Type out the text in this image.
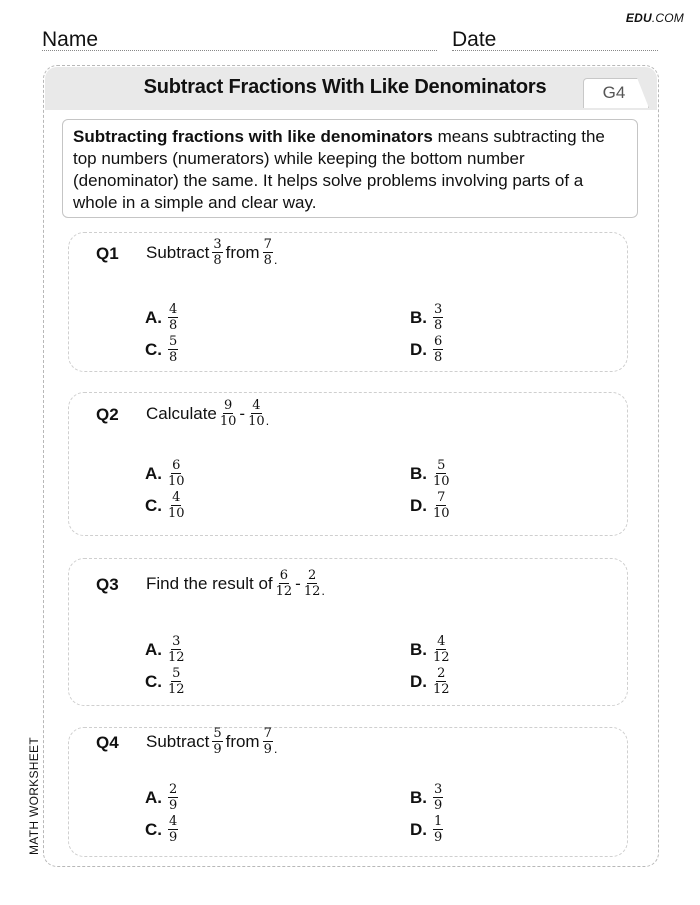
EDU.COM
Name	Date
Subtract Fractions With Like Denominators	G4
Subtracting fractions with like denominators means subtracting the top numbers (numerators) while keeping the bottom number (denominator) the same. It helps solve problems involving parts of a whole in a simple and clear way.
Q1 Subtract $\frac{3}{8}$ from $\frac{7}{8}$ .
A. $\frac{4}{8}$	B. $\frac{3}{8}$
C. $\frac{5}{8}$	D. $\frac{6}{8}$
Q2 Calculate $\frac{9}{10} - \frac{4}{10}$ .
A. $\frac{6}{10}$	B. $\frac{5}{10}$
C. $\frac{4}{10}$	D. $\frac{7}{10}$
Q3 Find the result of $\frac{6}{12} - \frac{2}{12}$ .
A. $\frac{3}{12}$	B. $\frac{4}{12}$
C. $\frac{5}{12}$	D. $\frac{2}{12}$
Q4 Subtract $\frac{5}{9}$ from $\frac{7}{9}$ .
A. $\frac{2}{9}$	B. $\frac{3}{9}$
C. $\frac{4}{9}$	D. $\frac{1}{9}$
MATH WORKSHEET
